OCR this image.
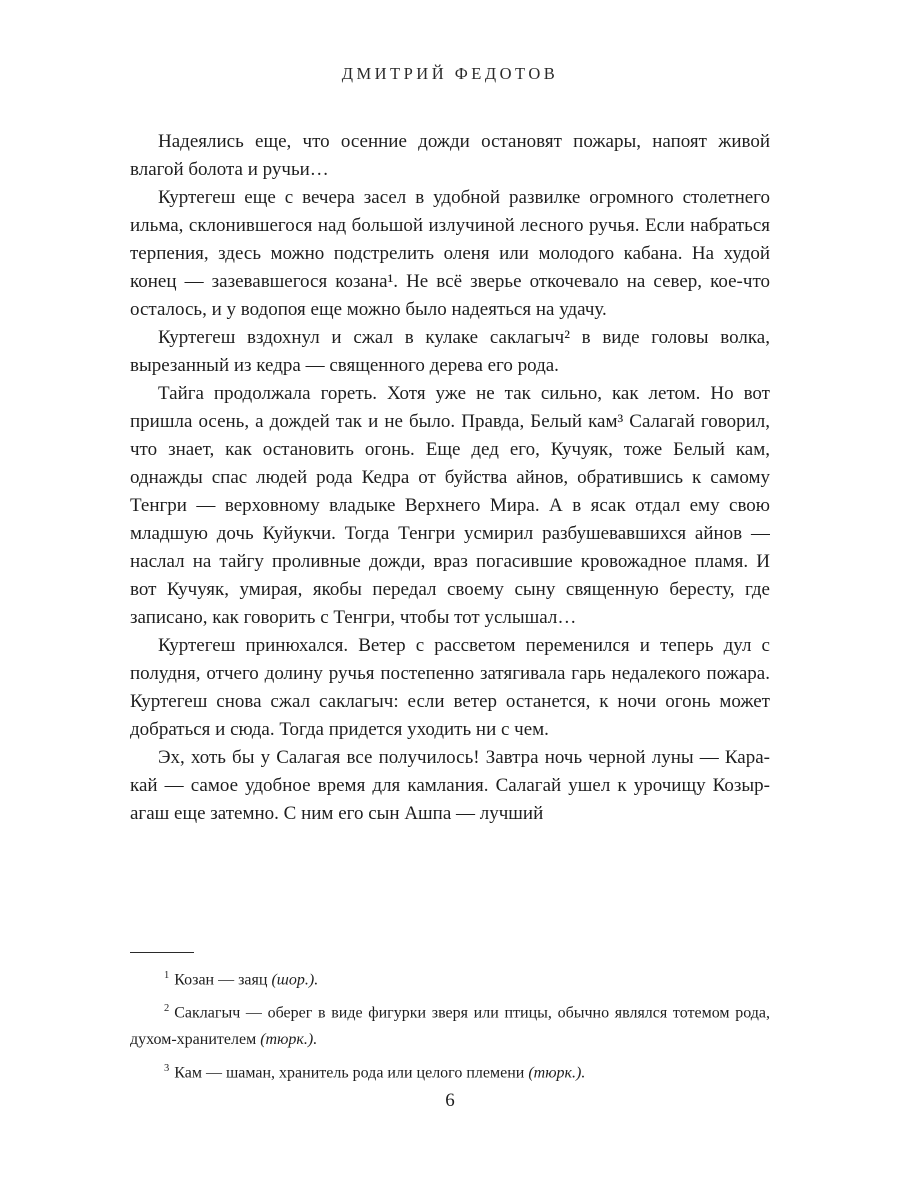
ДМИТРИЙ ФЕДОТОВ

Надеялись еще, что осенние дожди остановят пожары, напоят живой влагой болота и ручьи…

Куртегеш еще с вечера засел в удобной развилке огромного столетнего ильма, склонившегося над большой излучиной лесного ручья. Если набраться терпения, здесь можно подстрелить оленя или молодого кабана. На худой конец — зазевавшегося козана¹. Не всё зверье откочевало на север, кое-что осталось, и у водопоя еще можно было надеяться на удачу.

Куртегеш вздохнул и сжал в кулаке саклагыч² в виде головы волка, вырезанный из кедра — священного дерева его рода.

Тайга продолжала гореть. Хотя уже не так сильно, как летом. Но вот пришла осень, а дождей так и не было. Правда, Белый кам³ Салагай говорил, что знает, как остановить огонь. Еще дед его, Кучуяк, тоже Белый кам, однажды спас людей рода Кедра от буйства айнов, обратившись к самому Тенгри — верховному владыке Верхнего Мира. А в ясак отдал ему свою младшую дочь Куйукчи. Тогда Тенгри усмирил разбушевавшихся айнов — наслал на тайгу проливные дожди, враз погасившие кровожадное пламя. И вот Кучуяк, умирая, якобы передал своему сыну священную бересту, где записано, как говорить с Тенгри, чтобы тот услышал…

Куртегеш принюхался. Ветер с рассветом переменился и теперь дул с полудня, отчего долину ручья постепенно затягивала гарь недалекого пожара. Куртегеш снова сжал саклагыч: если ветер останется, к ночи огонь может добраться и сюда. Тогда придется уходить ни с чем.

Эх, хоть бы у Салагая все получилось! Завтра ночь черной луны — Кара-кай — самое удобное время для камлания. Салагай ушел к урочищу Козыр-агаш еще затемно. С ним его сын Ашпа — лучший

$^1$ Козан — заяц (шор.).
$^2$ Саклагыч — оберег в виде фигурки зверя или птицы, обычно являлся тотемом рода, духом-хранителем (тюрк.).
$^3$ Кам — шаман, хранитель рода или целого племени (тюрк.).
6
